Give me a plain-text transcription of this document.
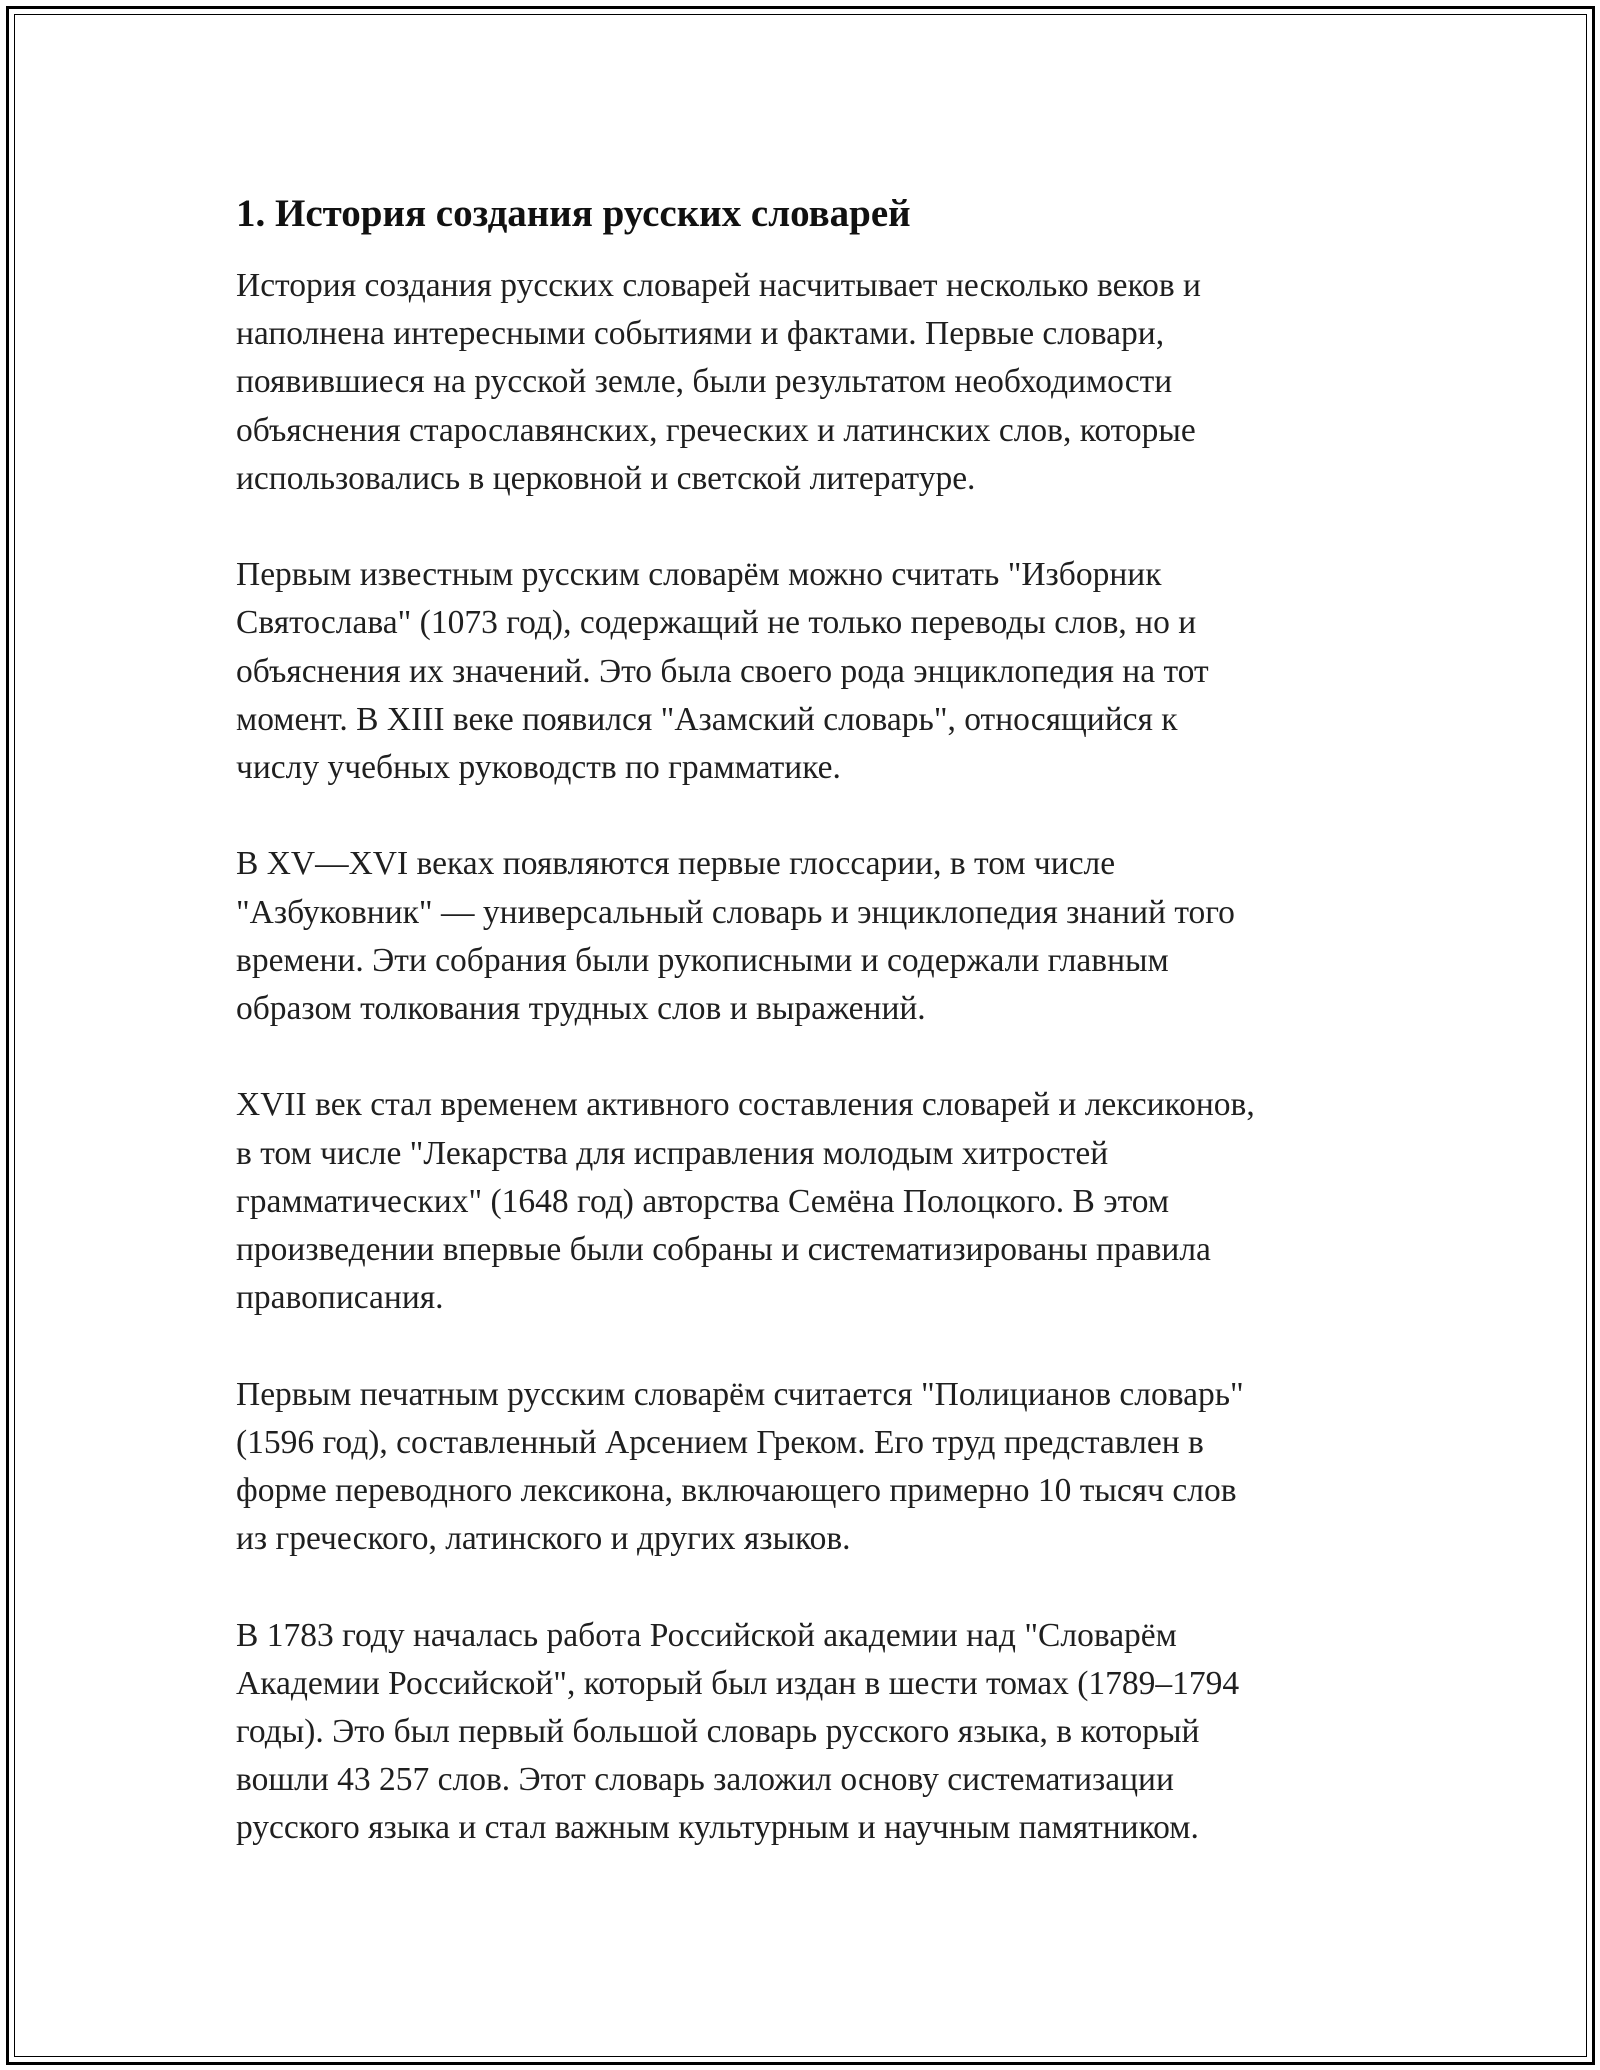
1. История создания русских словарей

История создания русских словарей насчитывает несколько веков и
наполнена интересными событиями и фактами. Первые словари,
появившиеся на русской земле, были результатом необходимости
объяснения старославянских, греческих и латинских слов, которые
использовались в церковной и светской литературе.

Первым известным русским словарём можно считать "Изборник
Святослава" (1073 год), содержащий не только переводы слов, но и
объяснения их значений. Это была своего рода энциклопедия на тот
момент. В XIII веке появился "Азамский словарь", относящийся к
числу учебных руководств по грамматике.

В XV—XVI веках появляются первые глоссарии, в том числе
"Азбуковник" — универсальный словарь и энциклопедия знаний того
времени. Эти собрания были рукописными и содержали главным
образом толкования трудных слов и выражений.

XVII век стал временем активного составления словарей и лексиконов,
в том числе "Лекарства для исправления молодым хитростей
грамматических" (1648 год) авторства Семёна Полоцкого. В этом
произведении впервые были собраны и систематизированы правила
правописания.

Первым печатным русским словарём считается "Полицианов словарь"
(1596 год), составленный Арсением Греком. Его труд представлен в
форме переводного лексикона, включающего примерно 10 тысяч слов
из греческого, латинского и других языков.

В 1783 году началась работа Российской академии над "Словарём
Академии Российской", который был издан в шести томах (1789–1794
годы). Это был первый большой словарь русского языка, в который
вошли 43 257 слов. Этот словарь заложил основу систематизации
русского языка и стал важным культурным и научным памятником.
